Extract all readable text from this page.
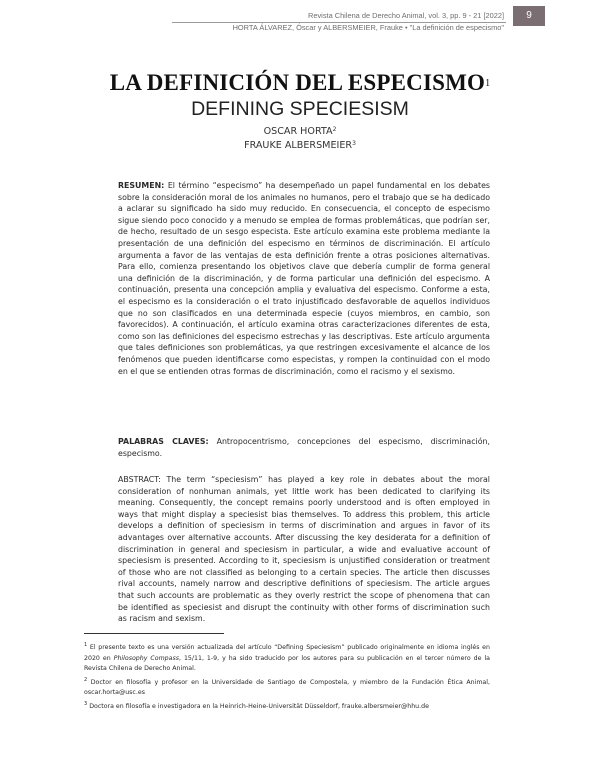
Revista Chilena de Derecho Animal, vol. 3, pp. 9 - 21 [2022]
HORTA ÁLVAREZ, Óscar y ALBERSMEIER, Frauke • "La definición de especismo"
9
LA DEFINICIÓN DEL ESPECISMO$^1$
DEFINING SPECIESISM
OSCAR HORTA$^2$
FRAUKE ALBERSMEIER$^3$
RESUMEN: El término “especismo” ha desempeñado un papel fundamental en los debates sobre la consideración moral de los animales no humanos, pero el trabajo que se ha dedicado a aclarar su significado ha sido muy reducido. En consecuencia, el concepto de especismo sigue siendo poco conocido y a menudo se emplea de formas problemáticas, que podrían ser, de hecho, resultado de un sesgo especista. Este artículo examina este problema mediante la presentación de una definición del especismo en términos de discriminación. El artículo argumenta a favor de las ventajas de esta definición frente a otras posiciones alternativas. Para ello, comienza presentando los objetivos clave que debería cumplir de forma general una definición de la discriminación, y de forma particular una definición del especismo. A continuación, presenta una concepción amplia y evaluativa del especismo. Conforme a esta, el especismo es la consideración o el trato injustificado desfavorable de aquellos individuos que no son clasificados en una determinada especie (cuyos miembros, en cambio, son favorecidos). A continuación, el artículo examina otras caracterizaciones diferentes de esta, como son las definiciones del especismo estrechas y las descriptivas. Este artículo argumenta que tales definiciones son problemáticas, ya que restringen excesivamente el alcance de los fenómenos que pueden identificarse como especistas, y rompen la continuidad con el modo en el que se entienden otras formas de discriminación, como el racismo y el sexismo.
PALABRAS CLAVES: Antropocentrismo, concepciones del especismo, discriminación, especismo.
ABSTRACT: The term “speciesism” has played a key role in debates about the moral consideration of nonhuman animals, yet little work has been dedicated to clarifying its meaning. Consequently, the concept remains poorly understood and is often employed in ways that might display a speciesist bias themselves. To address this problem, this article develops a definition of speciesism in terms of discrimination and argues in favor of its advantages over alternative accounts. After discussing the key desiderata for a definition of discrimination in general and speciesism in particular, a wide and evaluative account of speciesism is presented. According to it, speciesism is unjustified consideration or treatment of those who are not classified as belonging to a certain species. The article then discusses rival accounts, namely narrow and descriptive definitions of speciesism. The article argues that such accounts are problematic as they overly restrict the scope of phenomena that can be identified as speciesist and disrupt the continuity with other forms of discrimination such as racism and sexism.

$^1$ El presente texto es una versión actualizada del artículo “Defining Speciesism” publicado originalmente en idioma inglés en 2020 en Philosophy Compass, 15/11, 1-9, y ha sido traducido por los autores para su publicación en el tercer número de la Revista Chilena de Derecho Animal.

$^2$ Doctor en filosofía y profesor en la Universidade de Santiago de Compostela, y miembro de la Fundación Ética Animal, oscar.horta@usc.es

$^3$ Doctora en filosofía e investigadora en la Heinrich-Heine-Universität Düsseldorf, frauke.albersmeier@hhu.de
